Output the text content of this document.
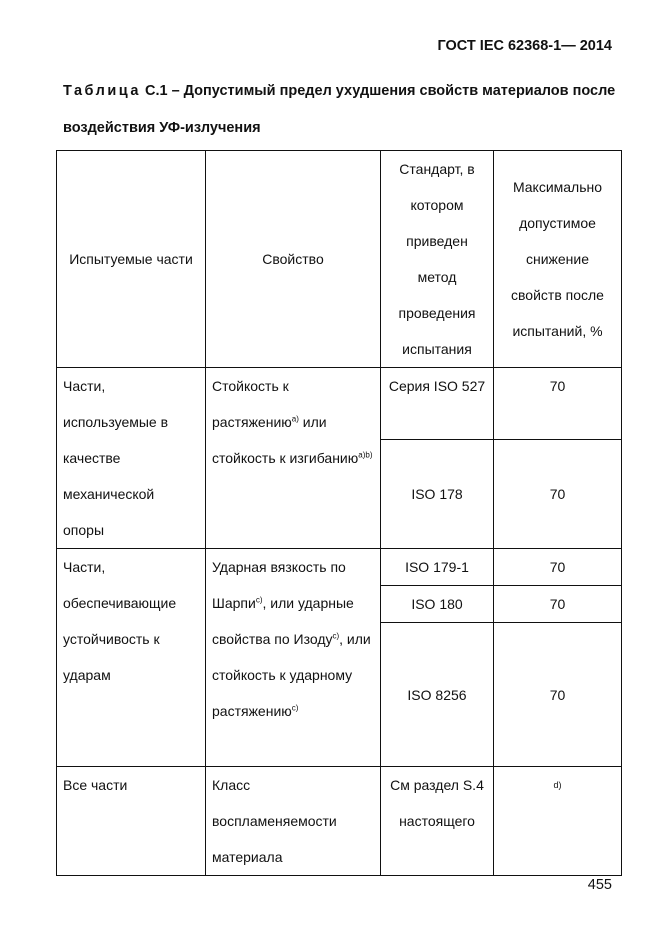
ГОСТ IEC 62368-1— 2014
Таблица С.1 – Допустимый предел ухудшения свойств материалов после воздействия УФ-излучения
Испытуемые части	Свойство	Стандарт, в котором приведен метод проведения испытания	Максимально допустимое снижение свойств после испытаний, %
Части, используемые в качестве механической опоры	Стойкость к растяжению$^{a)}$ или стойкость к изгибанию$^{a)b)}$	Серия ISO 527	70
		ISO 178	70
Части, обеспечивающие устойчивость к ударам	Ударная вязкость по Шарпи$^{c)}$, или ударные свойства по Изоду$^{c)}$, или стойкость к ударному растяжению$^{c)}$	ISO 179-1	70
		ISO 180	70
		ISO 8256	70
Все части	Класс воспламеняемости материала	См раздел S.4 настоящего	$^{d)}$
455
